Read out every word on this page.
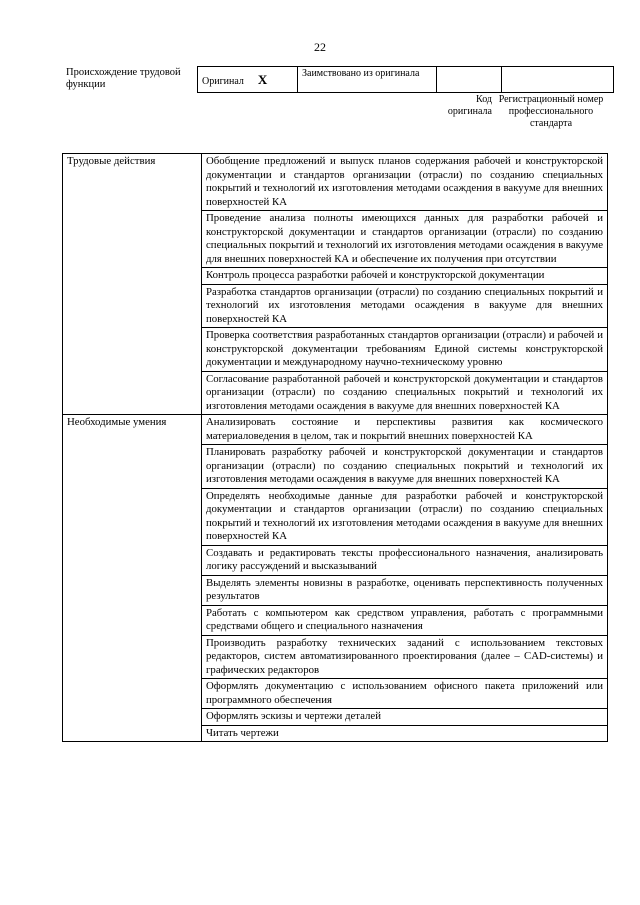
22
Происхождение трудовой функции	Оригинал X	Заимствовано из оригинала		
Код оригинала
Регистрационный номер профессионального стандарта
Трудовые действия	Обобщение предложений и выпуск планов содержания рабочей и конструкторской документации и стандартов организации (отрасли) по созданию специальных покрытий и технологий их изготовления методами осаждения в вакууме для внешних поверхностей КА
	Проведение анализа полноты имеющихся данных для разработки рабочей и конструкторской документации и стандартов организации (отрасли) по созданию специальных покрытий и технологий их изготовления методами осаждения в вакууме для внешних поверхностей КА и обеспечение их получения при отсутствии
	Контроль процесса разработки рабочей и конструкторской документации
	Разработка стандартов организации (отрасли) по созданию специальных покрытий и технологий их изготовления методами осаждения в вакууме для внешних поверхностей КА
	Проверка соответствия разработанных стандартов организации (отрасли) и рабочей и конструкторской документации требованиям Единой системы конструкторской документации и международному научно-техническому уровню
	Согласование разработанной рабочей и конструкторской документации и стандартов организации (отрасли) по созданию специальных покрытий и технологий их изготовления методами осаждения в вакууме для внешних поверхностей КА
Необходимые умения	Анализировать состояние и перспективы развития как космического материаловедения в целом, так и покрытий внешних поверхностей КА
	Планировать разработку рабочей и конструкторской документации и стандартов организации (отрасли) по созданию специальных покрытий и технологий их изготовления методами осаждения в вакууме для внешних поверхностей КА
	Определять необходимые данные для разработки рабочей и конструкторской документации и стандартов организации (отрасли) по созданию специальных покрытий и технологий их изготовления методами осаждения в вакууме для внешних поверхностей КА
	Создавать и редактировать тексты профессионального назначения, анализировать логику рассуждений и высказываний
	Выделять элементы новизны в разработке, оценивать перспективность полученных результатов
	Работать с компьютером как средством управления, работать с программными средствами общего и специального назначения
	Производить разработку технических заданий с использованием текстовых редакторов, систем автоматизированного проектирования (далее – CAD-системы) и графических редакторов
	Оформлять документацию с использованием офисного пакета приложений или программного обеспечения
	Оформлять эскизы и чертежи деталей
	Читать чертежи
